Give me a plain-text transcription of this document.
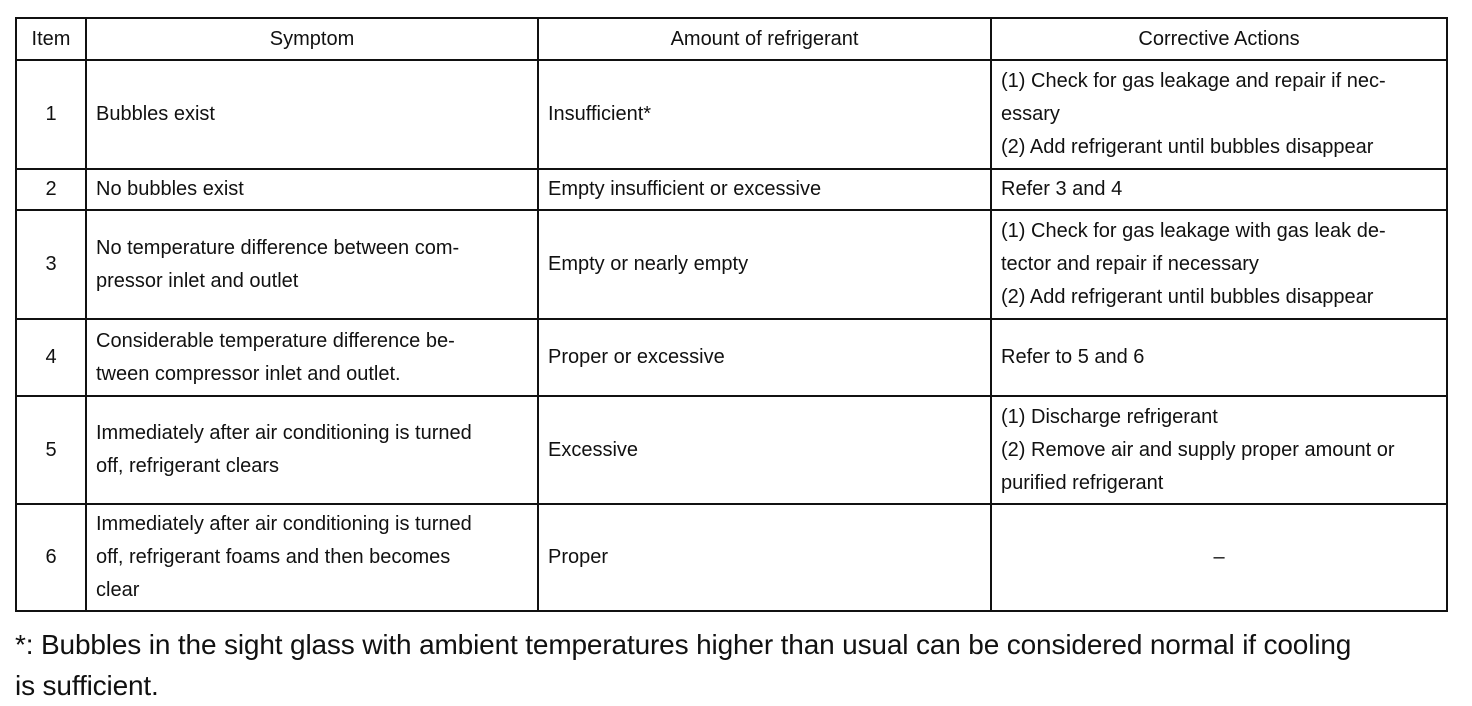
Item	Symptom	Amount of refrigerant	Corrective Actions
1	Bubbles exist	Insufficient*	(1) Check for gas leakage and repair if nec-
essary
(2) Add refrigerant until bubbles disappear

2	No bubbles exist	Empty insufficient or excessive	Refer 3 and 4

3	No temperature difference between com-
pressor inlet and outlet	Empty or nearly empty	(1) Check for gas leakage with gas leak de-
tector and repair if necessary
(2) Add refrigerant until bubbles disappear

4	Considerable temperature difference be-
tween compressor inlet and outlet.	Proper or excessive	Refer to 5 and 6

5	Immediately after air conditioning is turned
off, refrigerant clears	Excessive	(1) Discharge refrigerant
(2) Remove air and supply proper amount or
purified refrigerant

6	Immediately after air conditioning is turned
off, refrigerant foams and then becomes
clear	Proper	–
*: Bubbles in the sight glass with ambient temperatures higher than usual can be considered normal if cooling
is sufficient.
